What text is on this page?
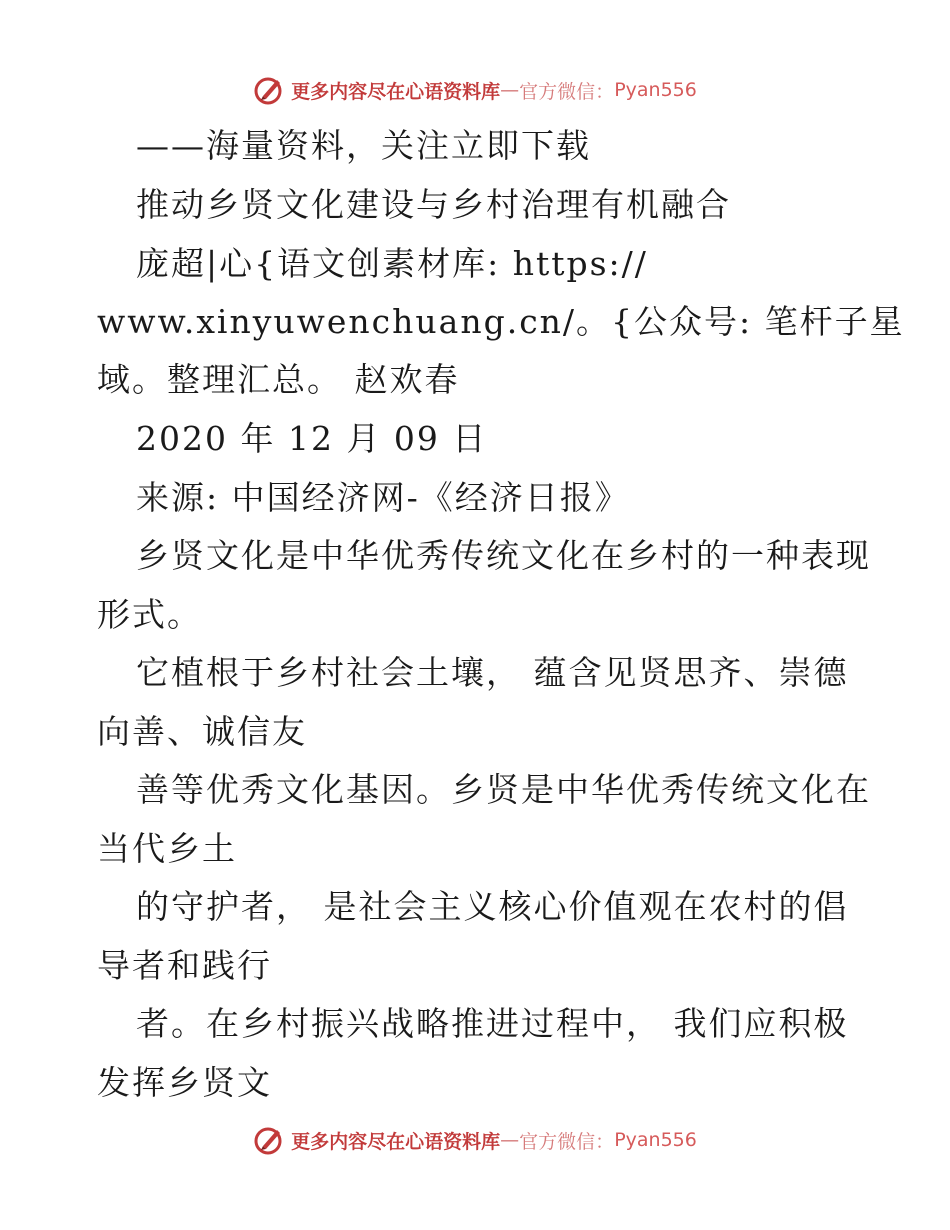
更多内容尽在心语资料库 — 官方微信： Pyan556
——海量资料，关注立即下载
推动乡贤文化建设与乡村治理有机融合
庞超|心{语文创素材库: https://
www.xinyuwenchuang.cn/。{公众号: 笔杆子星
域。整理汇总。 赵欢春
2020 年 12 月 09 日
来源: 中国经济网-《经济日报》
乡贤文化是中华优秀传统文化在乡村的一种表现
形式。
它植根于乡村社会土壤， 蕴含见贤思齐、崇德
向善、诚信友
善等优秀文化基因。乡贤是中华优秀传统文化在
当代乡土
的守护者， 是社会主义核心价值观在农村的倡
导者和践行
者。在乡村振兴战略推进过程中， 我们应积极
发挥乡贤文
更多内容尽在心语资料库 — 官方微信： Pyan556
